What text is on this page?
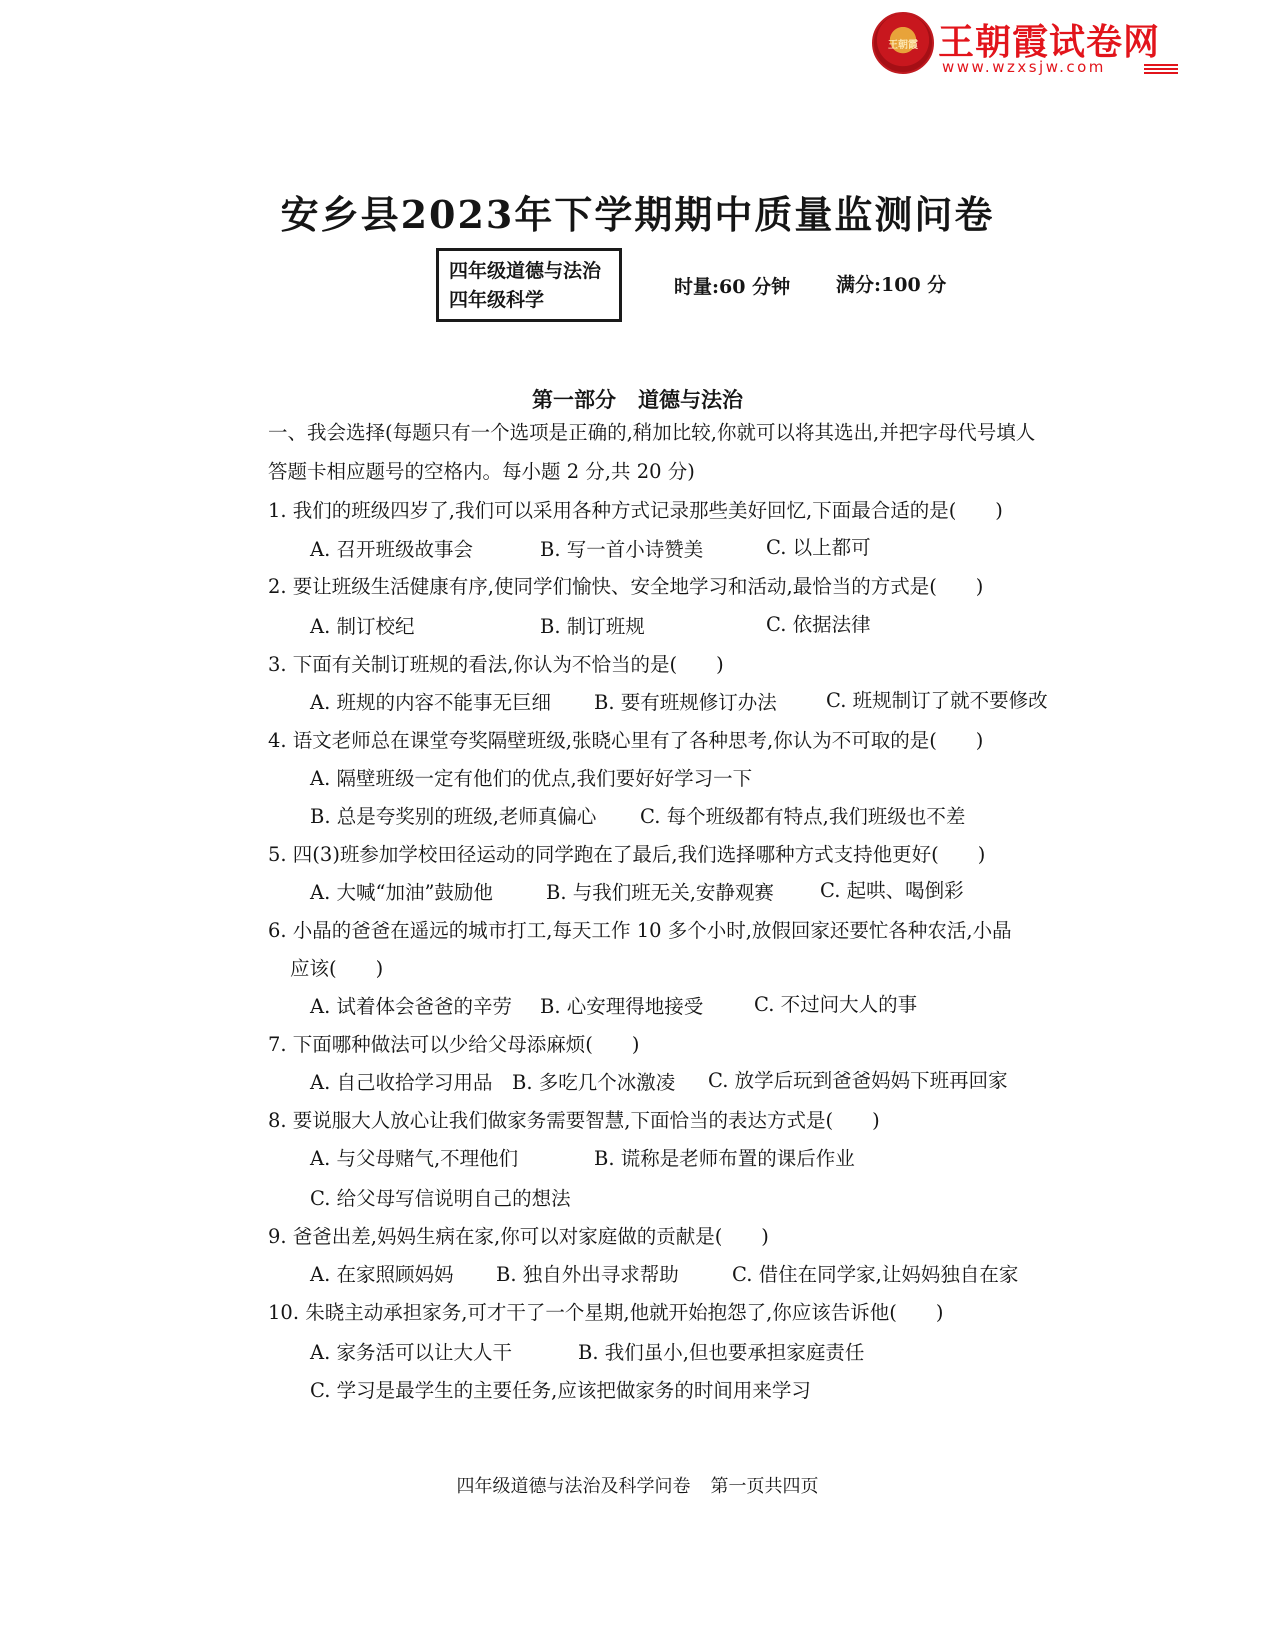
王朝霞 王朝霞试卷网
www.wzxsjw.com
安乡县2023年下学期期中质量监测问卷
四年级道德与法治
四年级科学
时量:60 分钟 满分:100 分
第一部分 道德与法治
一、我会选择(每题只有一个选项是正确的,稍加比较,你就可以将其选出,并把字母代号填人
答题卡相应题号的空格内。每小题 2 分,共 20 分)
1. 我们的班级四岁了,我们可以采用各种方式记录那些美好回忆,下面最合适的是(　　)
A. 召开班级故事会	B. 写一首小诗赞美	C. 以上都可
2. 要让班级生活健康有序,使同学们愉快、安全地学习和活动,最恰当的方式是(　　)
A. 制订校纪	B. 制订班规	C. 依据法律
3. 下面有关制订班规的看法,你认为不恰当的是(　　)
A. 班规的内容不能事无巨细 B. 要有班规修订办法	C. 班规制订了就不要修改
4. 语文老师总在课堂夸奖隔壁班级,张晓心里有了各种思考,你认为不可取的是(　　)
A. 隔壁班级一定有他们的优点,我们要好好学习一下
B. 总是夸奖别的班级,老师真偏心 C. 每个班级都有特点,我们班级也不差
5. 四(3)班参加学校田径运动的同学跑在了最后,我们选择哪种方式支持他更好(　　)
A. 大喊“加油”鼓励他	B. 与我们班无关,安静观赛 C. 起哄、喝倒彩
6. 小晶的爸爸在遥远的城市打工,每天工作 10 多个小时,放假回家还要忙各种农活,小晶
应该(　　)
A. 试着体会爸爸的辛劳 B. 心安理得地接受	C. 不过问大人的事
7. 下面哪种做法可以少给父母添麻烦(　　)
A. 自己收拾学习用品 B. 多吃几个冰激凌 C. 放学后玩到爸爸妈妈下班再回家
8. 要说服大人放心让我们做家务需要智慧,下面恰当的表达方式是(　　)
A. 与父母赌气,不理他们	B. 谎称是老师布置的课后作业
C. 给父母写信说明自己的想法
9. 爸爸出差,妈妈生病在家,你可以对家庭做的贡献是(　　)
A. 在家照顾妈妈 B. 独自外出寻求帮助	C. 借住在同学家,让妈妈独自在家
10. 朱晓主动承担家务,可才干了一个星期,他就开始抱怨了,你应该告诉他(　　)
A. 家务活可以让大人干	B. 我们虽小,但也要承担家庭责任
C. 学习是最学生的主要任务,应该把做家务的时间用来学习
四年级道德与法治及科学问卷 第一页共四页
